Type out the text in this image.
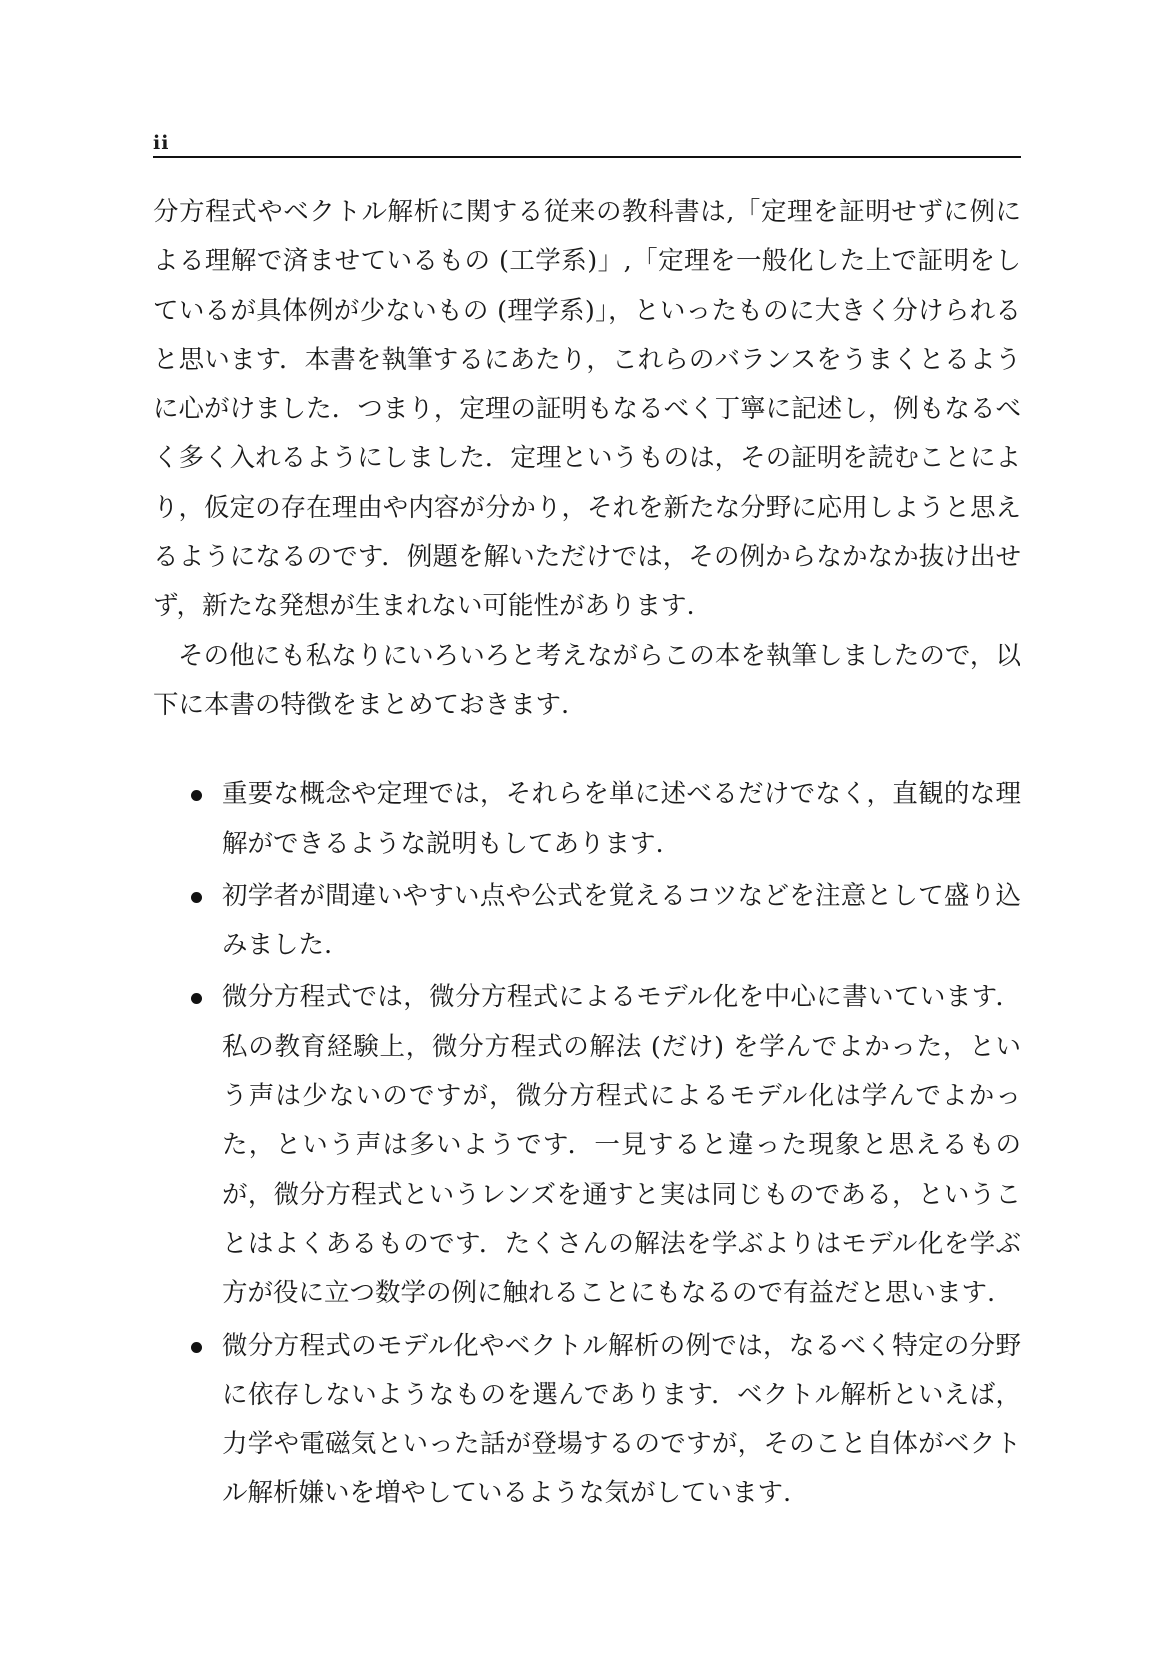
ii

分方程式やベクトル解析に関する従来の教科書は,「定理を証明せずに例による理解で済ませているもの (工学系)」,「定理を一般化した上で証明をしているが具体例が少ないもの (理学系)」，といったものに大きく分けられると思います．本書を執筆するにあたり，これらのバランスをうまくとるように心がけました．つまり，定理の証明もなるべく丁寧に記述し，例もなるべく多く入れるようにしました．定理というものは，その証明を読むことにより，仮定の存在理由や内容が分かり，それを新たな分野に応用しようと思えるようになるのです．例題を解いただけでは，その例からなかなか抜け出せず，新たな発想が生まれない可能性があります.

その他にも私なりにいろいろと考えながらこの本を執筆しましたので，以下に本書の特徴をまとめておきます.

重要な概念や定理では，それらを単に述べるだけでなく，直観的な理解ができるような説明もしてあります.
初学者が間違いやすい点や公式を覚えるコツなどを注意として盛り込みました.
微分方程式では，微分方程式によるモデル化を中心に書いています．私の教育経験上，微分方程式の解法 (だけ) を学んでよかった，という声は少ないのですが，微分方程式によるモデル化は学んでよかった，という声は多いようです．一見すると違った現象と思えるものが，微分方程式というレンズを通すと実は同じものである，ということはよくあるものです．たくさんの解法を学ぶよりはモデル化を学ぶ方が役に立つ数学の例に触れることにもなるので有益だと思います.
微分方程式のモデル化やベクトル解析の例では，なるべく特定の分野に依存しないようなものを選んであります．ベクトル解析といえば，力学や電磁気といった話が登場するのですが，そのこと自体がベクトル解析嫌いを増やしているような気がしています.
